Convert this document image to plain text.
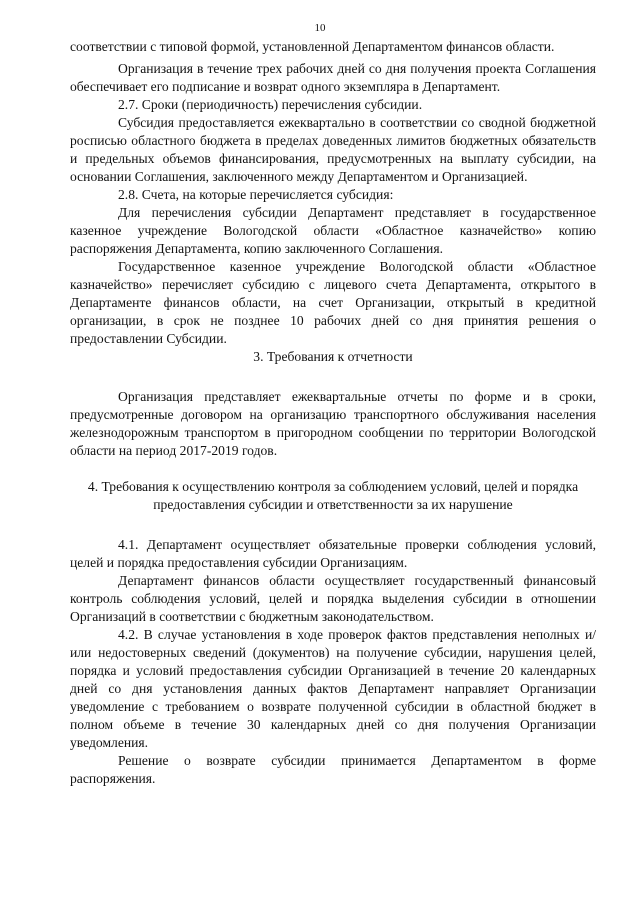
10

соответствии с типовой формой, установленной Департаментом финансов области.

Организация в течение трех рабочих дней со дня получения проекта Соглашения обеспечивает его подписание и возврат одного экземпляра в Департамент.

2.7. Сроки (периодичность) перечисления субсидии.

Субсидия предоставляется ежеквартально в соответствии со сводной бюджетной росписью областного бюджета в пределах доведенных лимитов бюджетных обязательств и предельных объемов финансирования, предусмотренных на выплату субсидии, на основании Соглашения, заключенного между Департаментом и Организацией.

2.8. Счета, на которые перечисляется субсидия:

Для перечисления субсидии Департамент представляет в государственное казенное учреждение Вологодской области «Областное казначейство» копию распоряжения Департамента, копию заключенного Соглашения.

Государственное казенное учреждение Вологодской области «Областное казначейство» перечисляет субсидию с лицевого счета Департамента, открытого в Департаменте финансов области, на счет Организации, открытый в кредитной организации, в срок не позднее 10 рабочих дней со дня принятия решения о предоставлении Субсидии.

3. Требования к отчетности

Организация представляет ежеквартальные отчеты по форме и в сроки, предусмотренные договором на организацию транспортного обслуживания населения железнодорожным транспортом в пригородном сообщении по территории Вологодской области на период 2017-2019 годов.

4. Требования к осуществлению контроля за соблюдением условий, целей и порядка предоставления субсидии и ответственности за их нарушение

4.1. Департамент осуществляет обязательные проверки соблюдения условий, целей и порядка предоставления субсидии Организациям.

Департамент финансов области осуществляет государственный финансовый контроль соблюдения условий, целей и порядка выделения субсидии в отношении Организаций в соответствии с бюджетным законодательством.

4.2. В случае установления в ходе проверок фактов представления неполных и/или недостоверных сведений (документов) на получение субсидии, нарушения целей, порядка и условий предоставления субсидии Организацией в течение 20 календарных дней со дня установления данных фактов Департамент направляет Организации уведомление с требованием о возврате полученной субсидии в областной бюджет в полном объеме в течение 30 календарных дней со дня получения Организации уведомления.

Решение о возврате субсидии принимается Департаментом в форме распоряжения.
